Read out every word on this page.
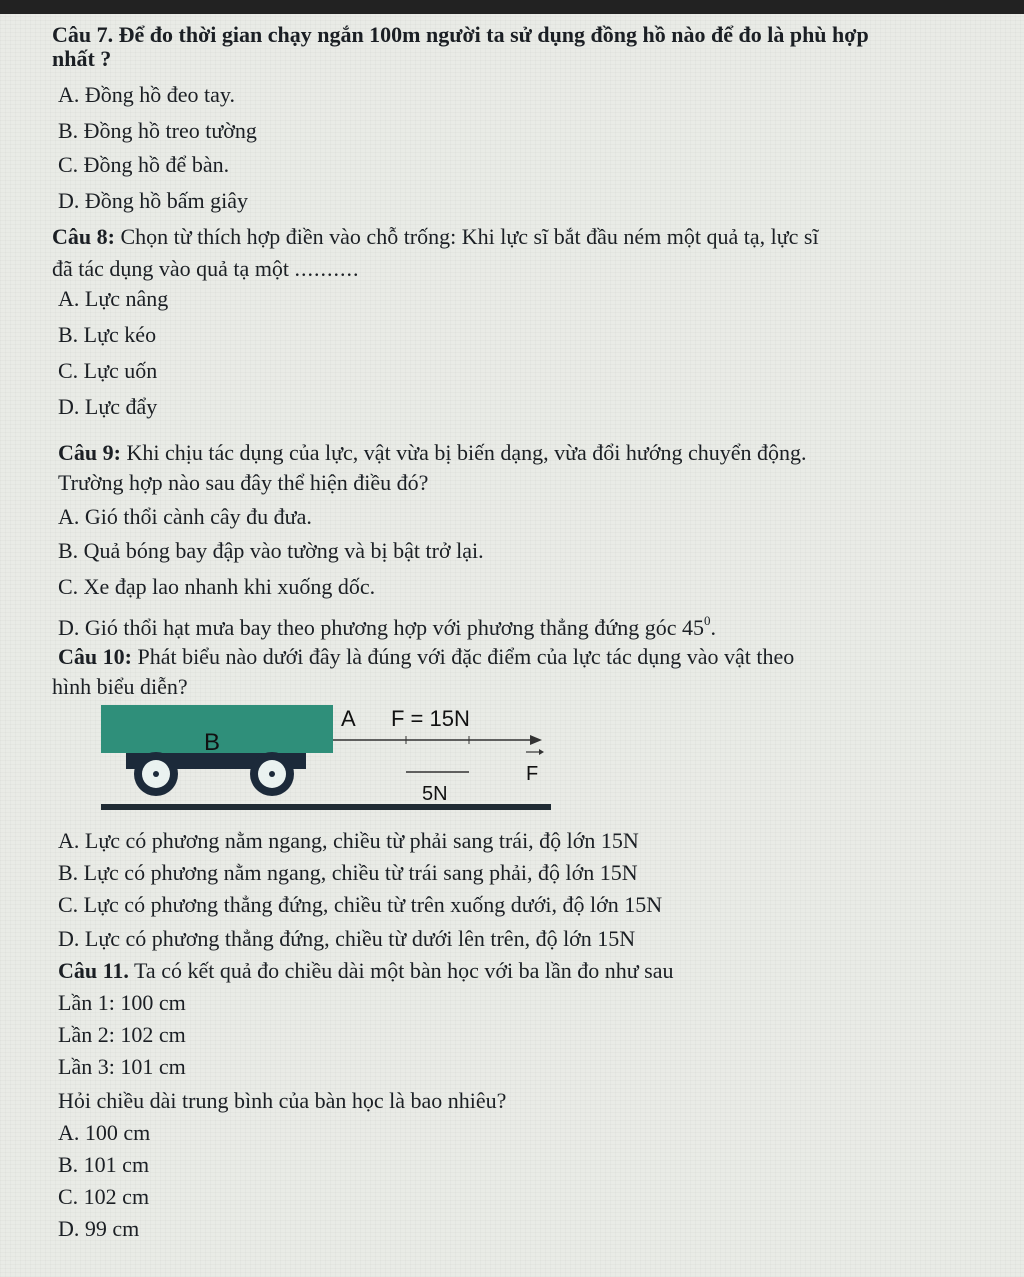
Câu 7. Để đo thời gian chạy ngắn 100m người ta sử dụng đồng hồ nào để đo là phù hợp
nhất ?
A. Đồng hồ đeo tay.
B. Đồng hồ treo tường
C. Đồng hồ để bàn.
D. Đồng hồ bấm giây
Câu 8: Chọn từ thích hợp điền vào chỗ trống: Khi lực sĩ bắt đầu ném một quả tạ, lực sĩ
đã tác dụng vào quả tạ một ..........
A. Lực nâng
B. Lực kéo
C. Lực uốn
D. Lực đẩy
Câu 9: Khi chịu tác dụng của lực, vật vừa bị biến dạng, vừa đổi hướng chuyển động.
Trường hợp nào sau đây thể hiện điều đó?
A. Gió thổi cành cây đu đưa.
B. Quả bóng bay đập vào tường và bị bật trở lại.
C. Xe đạp lao nhanh khi xuống dốc.
D. Gió thổi hạt mưa bay theo phương hợp với phương thẳng đứng góc $45^0$.
Câu 10: Phát biểu nào dưới đây là đúng với đặc điểm của lực tác dụng vào vật theo
hình biểu diễn?
B
A F = 15N
F
5N
A. Lực có phương nằm ngang, chiều từ phải sang trái, độ lớn 15N
B. Lực có phương nằm ngang, chiều từ trái sang phải, độ lớn 15N
C. Lực có phương thẳng đứng, chiều từ trên xuống dưới, độ lớn 15N
D. Lực có phương thẳng đứng, chiều từ dưới lên trên, độ lớn 15N
Câu 11. Ta có kết quả đo chiều dài một bàn học với ba lần đo như sau
Lần 1: 100 cm
Lần 2: 102 cm
Lần 3: 101 cm
Hỏi chiều dài trung bình của bàn học là bao nhiêu?
A. 100 cm
B. 101 cm
C. 102 cm
D. 99 cm
